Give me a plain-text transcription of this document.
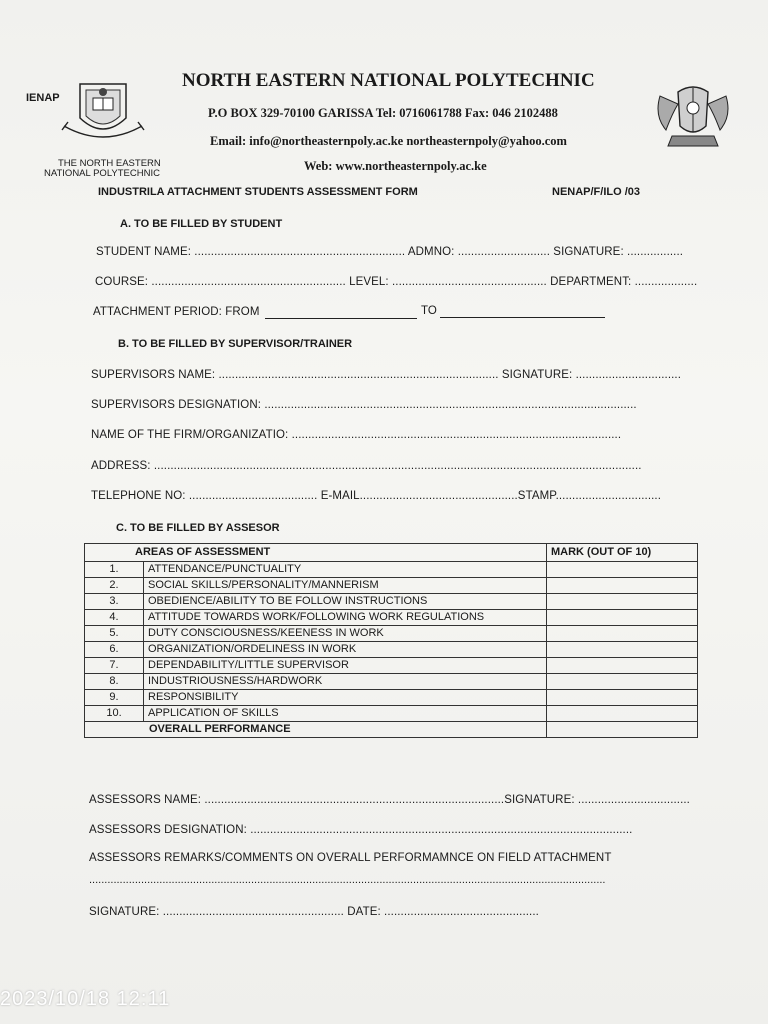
IENAP
THE NORTH EASTERN
NATIONAL POLYTECHNIC
NORTH EASTERN NATIONAL POLYTECHNIC
P.O BOX 329-70100 GARISSA Tel: 0716061788 Fax: 046 2102488
Email: info@northeasternpoly.ac.ke northeasternpoly@yahoo.com
Web: www.northeasternpoly.ac.ke
INDUSTRILA ATTACHMENT STUDENTS ASSESSMENT FORM	NENAP/F/ILO /03
A. TO BE FILLED BY STUDENT
STUDENT NAME: ................................................................ ADMNO: ............................ SIGNATURE: .................
COURSE: ........................................................... LEVEL: ............................................... DEPARTMENT: ...................
ATTACHMENT PERIOD: FROM	TO
B. TO BE FILLED BY SUPERVISOR/TRAINER
SUPERVISORS NAME: ..................................................................................... SIGNATURE: ................................
SUPERVISORS DESIGNATION: .................................................................................................................
NAME OF THE FIRM/ORGANIZATIO: ....................................................................................................
ADDRESS: ....................................................................................................................................................
TELEPHONE NO: ....................................... E-MAIL................................................STAMP................................
C. TO BE FILLED BY ASSESOR
AREAS OF ASSESSMENT		MARK (OUT OF 10)
1.	ATTENDANCE/PUNCTUALITY	
2.	SOCIAL SKILLS/PERSONALITY/MANNERISM	
3.	OBEDIENCE/ABILITY TO BE FOLLOW INSTRUCTIONS	
4.	ATTITUDE TOWARDS WORK/FOLLOWING WORK REGULATIONS	
5.	DUTY CONSCIOUSNESS/KEENESS IN WORK	
6.	ORGANIZATION/ORDELINESS IN WORK	
7.	DEPENDABILITY/LITTLE SUPERVISOR	
8.	INDUSTRIOUSNESS/HARDWORK	
9.	RESPONSIBILITY	
10.	APPLICATION OF SKILLS	
OVERALL PERFORMANCE		
ASSESSORS NAME: ...........................................................................................SIGNATURE: ..................................
ASSESSORS DESIGNATION: ....................................................................................................................
ASSESSORS REMARKS/COMMENTS ON OVERALL PERFORMAMNCE ON FIELD ATTACHMENT
.........................................................................................................................................................................
SIGNATURE: ....................................................... DATE: ...............................................
2023/10/18 12:11
